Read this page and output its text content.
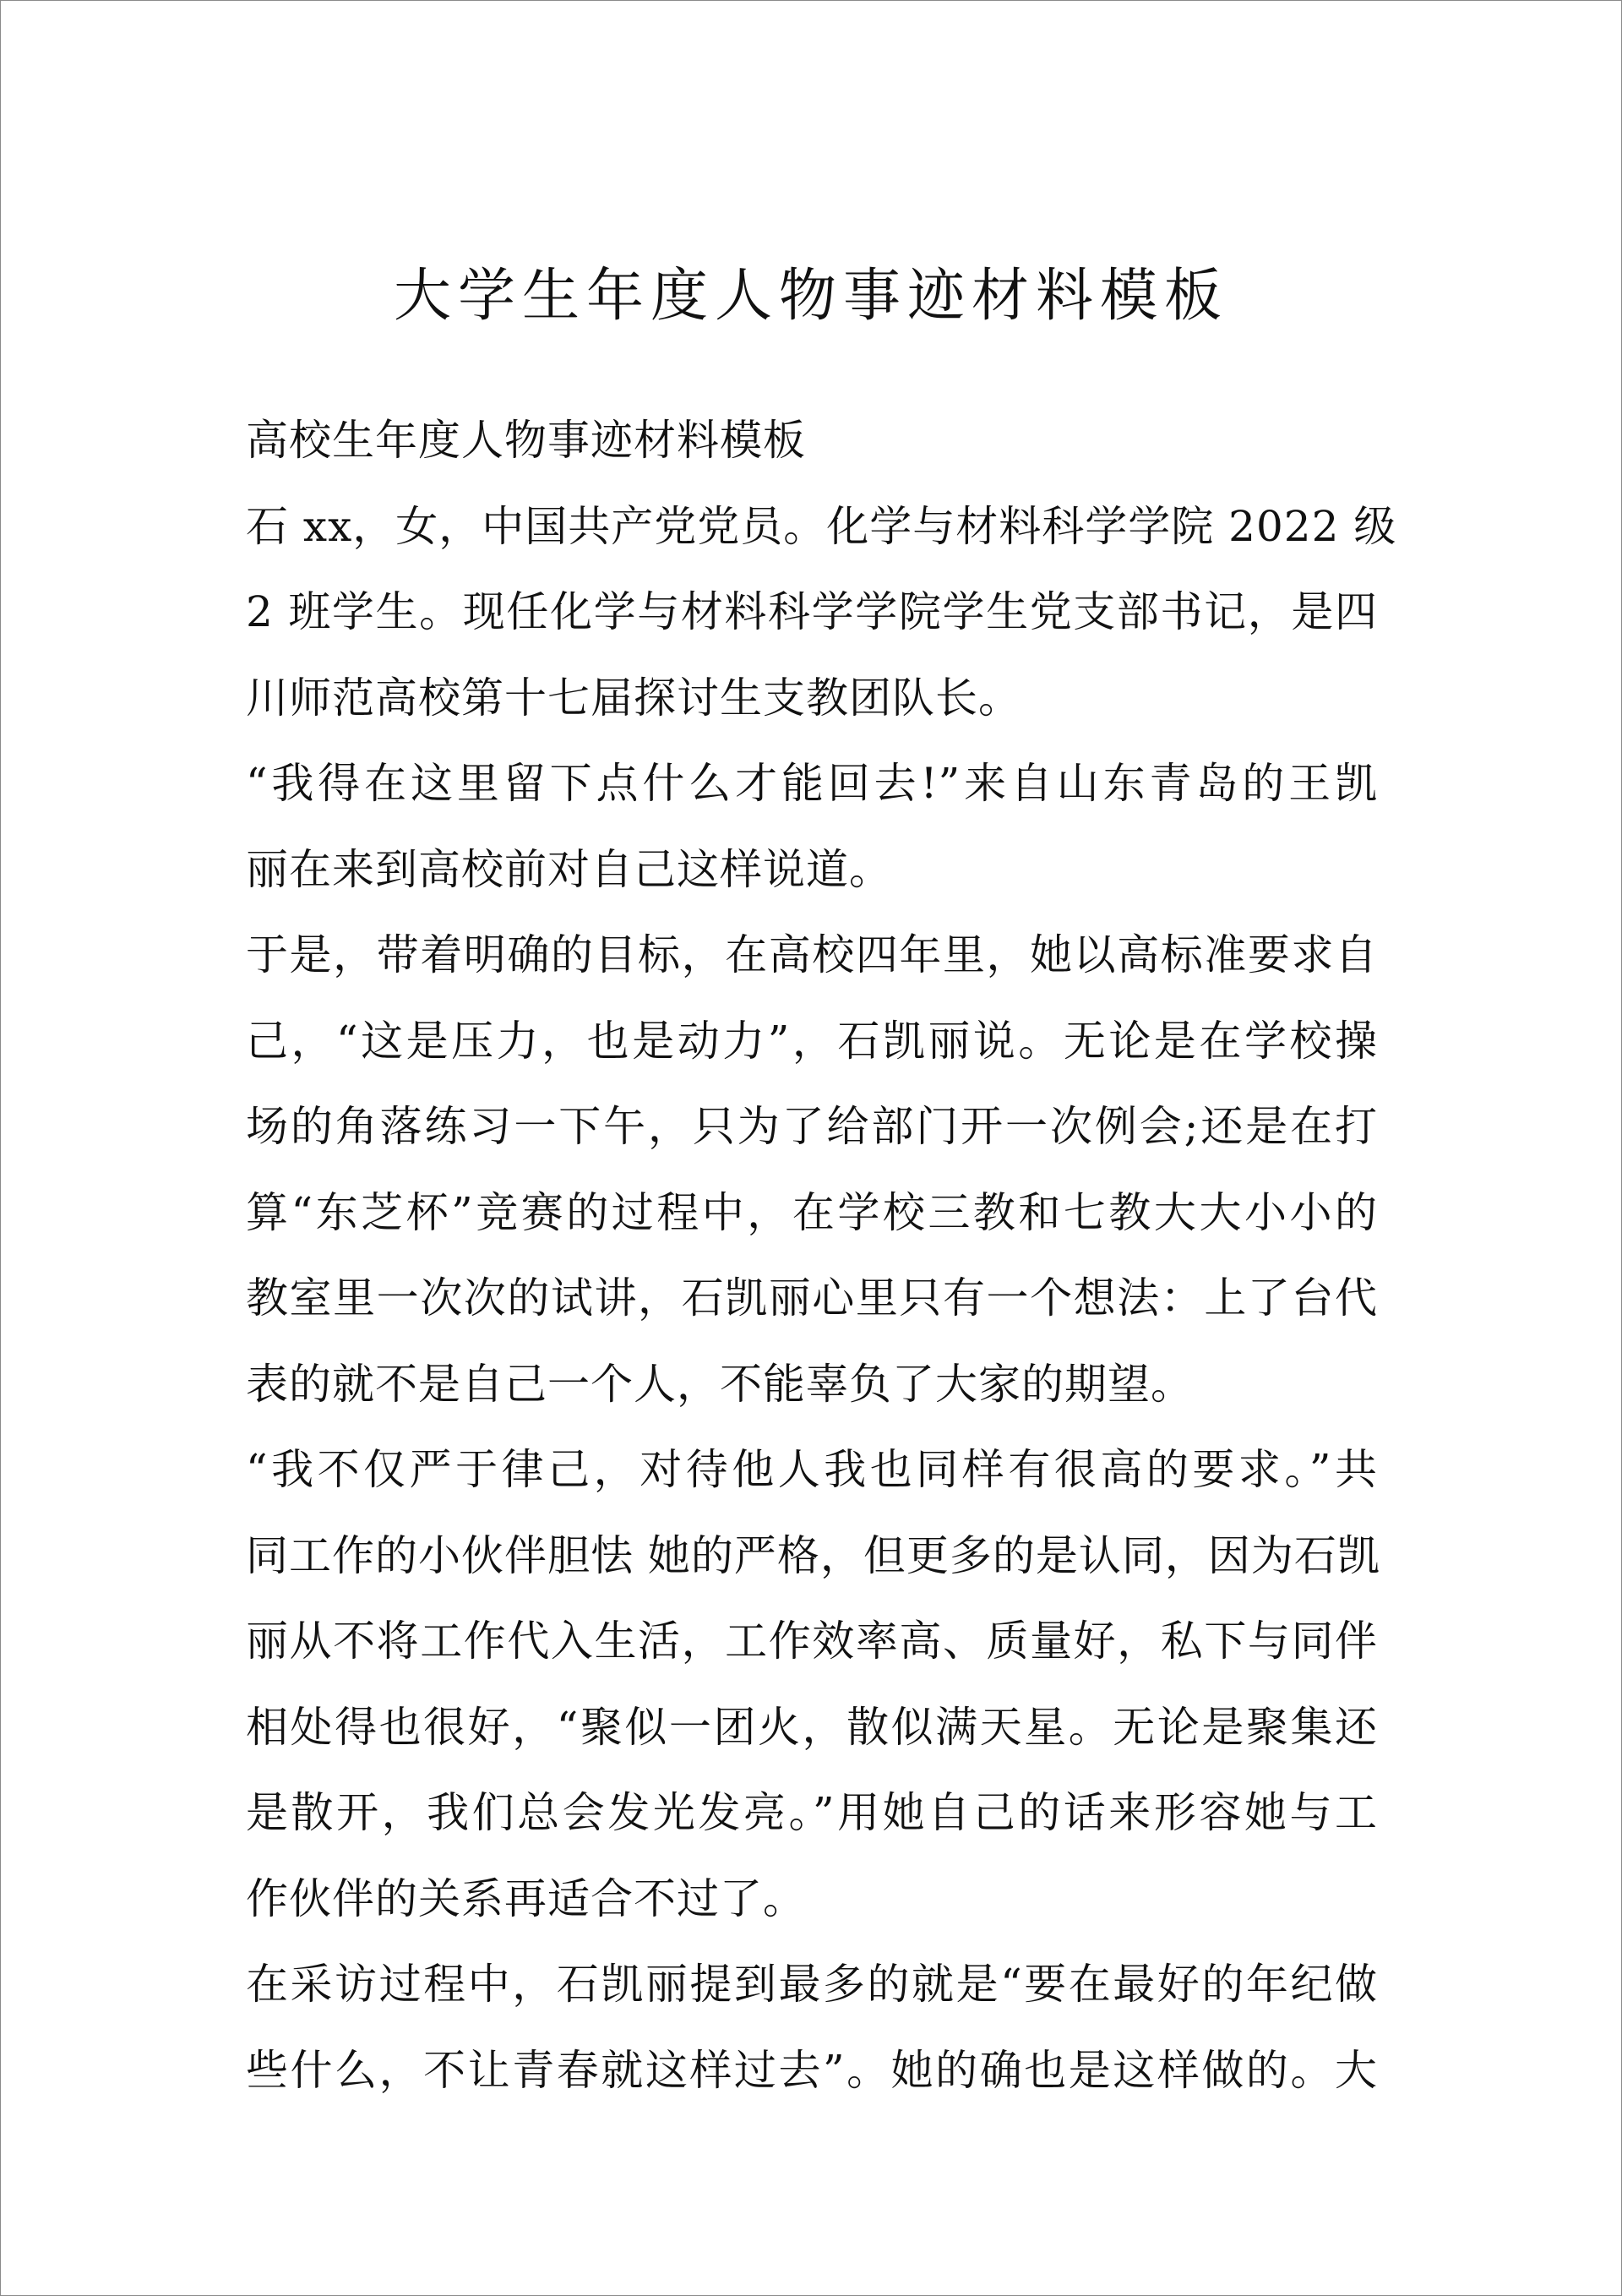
大学生年度人物事迹材料模板
高校生年度人物事迹材料模板
石 xx，女，中国共产党党员。化学与材料科学学院 2022 级
2 班学生。现任化学与材料科学学院学生党支部书记，是四
川师范高校第十七届探讨生支教团队长。
“我得在这里留下点什么才能回去!”来自山东青岛的王凯
丽在来到高校前对自己这样说道。
于是，带着明确的目标，在高校四年里，她以高标准要求自
己，“这是压力，也是动力”，石凯丽说。无论是在学校操
场的角落练习一下午，只为了给部门开一次例会;还是在打
算“东芝杯”竞赛的过程中，在学校三教和七教大大小小的
教室里一次次的试讲，石凯丽心里只有一个想法：上了台代
表的就不是自己一个人，不能辜负了大家的期望。
“我不仅严于律己，对待他人我也同样有很高的要求。”共
同工作的小伙伴胆怯 她的严格，但更多的是认同，因为石凯
丽从不将工作代入生活，工作效率高、质量好，私下与同伴
相处得也很好，“聚似一团火，散似满天星。无论是聚集还
是散开，我们总会发光发亮。”用她自己的话来形容她与工
作伙伴的关系再适合不过了。
在采访过程中，石凯丽提到最多的就是“要在最好的年纪做
些什么，不让青春就这样过去”。她的确也是这样做的。大
